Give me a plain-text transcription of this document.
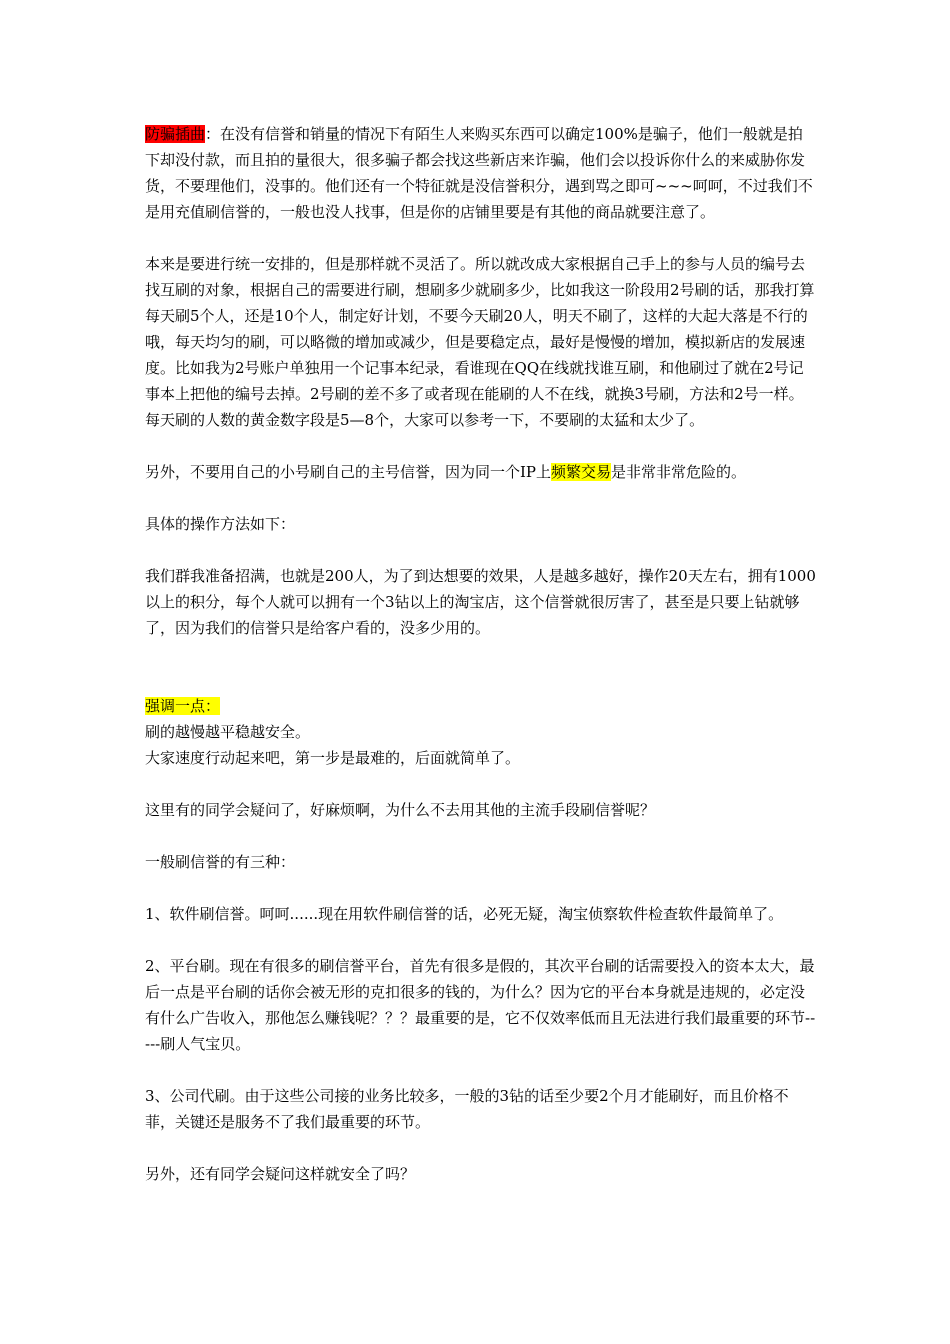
防骗插曲：在没有信誉和销量的情况下有陌生人来购买东西可以确定100%是骗子，他们一般就是拍下却没付款，而且拍的量很大，很多骗子都会找这些新店来诈骗，他们会以投诉你什么的来威胁你发货，不要理他们，没事的。他们还有一个特征就是没信誉积分，遇到骂之即可~~~呵呵，不过我们不是用充值刷信誉的，一般也没人找事，但是你的店铺里要是有其他的商品就要注意了。

本来是要进行统一安排的，但是那样就不灵活了。所以就改成大家根据自己手上的参与人员的编号去找互刷的对象，根据自己的需要进行刷，想刷多少就刷多少，比如我这一阶段用2号刷的话，那我打算每天刷5个人，还是10个人，制定好计划，不要今天刷20人，明天不刷了，这样的大起大落是不行的哦，每天均匀的刷，可以略微的增加或减少，但是要稳定点，最好是慢慢的增加，模拟新店的发展速度。比如我为2号账户单独用一个记事本纪录，看谁现在QQ在线就找谁互刷，和他刷过了就在2号记事本上把他的编号去掉。2号刷的差不多了或者现在能刷的人不在线，就换3号刷，方法和2号一样。

每天刷的人数的黄金数字段是5—8个，大家可以参考一下，不要刷的太猛和太少了。

另外，不要用自己的小号刷自己的主号信誉，因为同一个IP上频繁交易是非常非常危险的。

具体的操作方法如下：

我们群我准备招满，也就是200人，为了到达想要的效果，人是越多越好，操作20天左右，拥有1000以上的积分，每个人就可以拥有一个3钻以上的淘宝店，这个信誉就很厉害了，甚至是只要上钻就够了，因为我们的信誉只是给客户看的，没多少用的。

强调一点：

刷的越慢越平稳越安全。

大家速度行动起来吧，第一步是最难的，后面就简单了。

这里有的同学会疑问了，好麻烦啊，为什么不去用其他的主流手段刷信誉呢？

一般刷信誉的有三种：

1、软件刷信誉。呵呵......现在用软件刷信誉的话，必死无疑，淘宝侦察软件检查软件最简单了。

2、平台刷。现在有很多的刷信誉平台，首先有很多是假的，其次平台刷的话需要投入的资本太大，最后一点是平台刷的话你会被无形的克扣很多的钱的，为什么？因为它的平台本身就是违规的，必定没有什么广告收入，那他怎么赚钱呢？？？最重要的是，它不仅效率低而且无法进行我们最重要的环节-----刷人气宝贝。

3、公司代刷。由于这些公司接的业务比较多，一般的3钻的话至少要2个月才能刷好，而且价格不菲，关键还是服务不了我们最重要的环节。

另外，还有同学会疑问这样就安全了吗？
